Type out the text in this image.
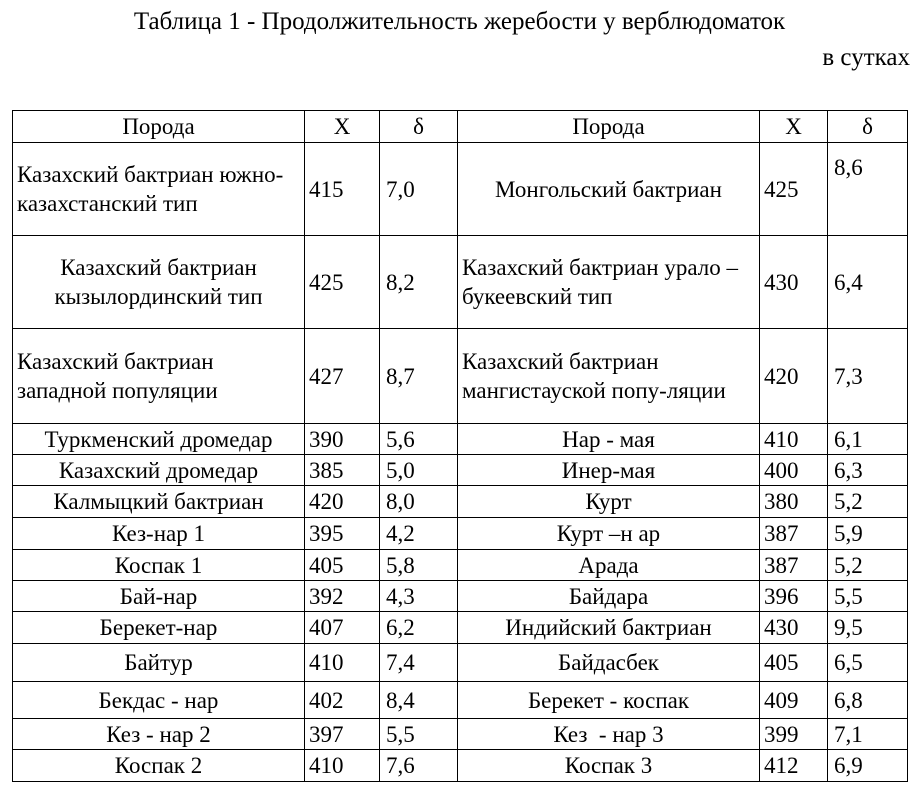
Таблица 1 - Продолжительность жеребости у верблюдоматок
в сутках
Порода	X	δ	Порода	X	δ
Казахский бактриан южно-казахстанский тип	415	7,0	Монгольский бактриан	425	8,6
Казахский бактриан кызылординский тип	425	8,2	Казахский бактриан урало – букеевский тип	430	6,4
Казахский бактриан западной популяции	427	8,7	Казахский бактриан мангистауской попу-ляции	420	7,3
Туркменский дромедар	390	5,6	Нар - мая	410	6,1
Казахский дромедар	385	5,0	Инер-мая	400	6,3
Калмыцкий бактриан	420	8,0	Курт	380	5,2
Кез-нар 1	395	4,2	Курт –н ар	387	5,9
Коспак 1	405	5,8	Арада	387	5,2
Бай-нар	392	4,3	Байдара	396	5,5
Берекет-нар	407	6,2	Индийский бактриан	430	9,5
Байтур	410	7,4	Байдасбек	405	6,5
Бекдас - нар	402	8,4	Берекет - коспак	409	6,8
Кез - нар 2	397	5,5	Кез  - нар 3	399	7,1
Коспак 2	410	7,6	Коспак 3	412	6,9
